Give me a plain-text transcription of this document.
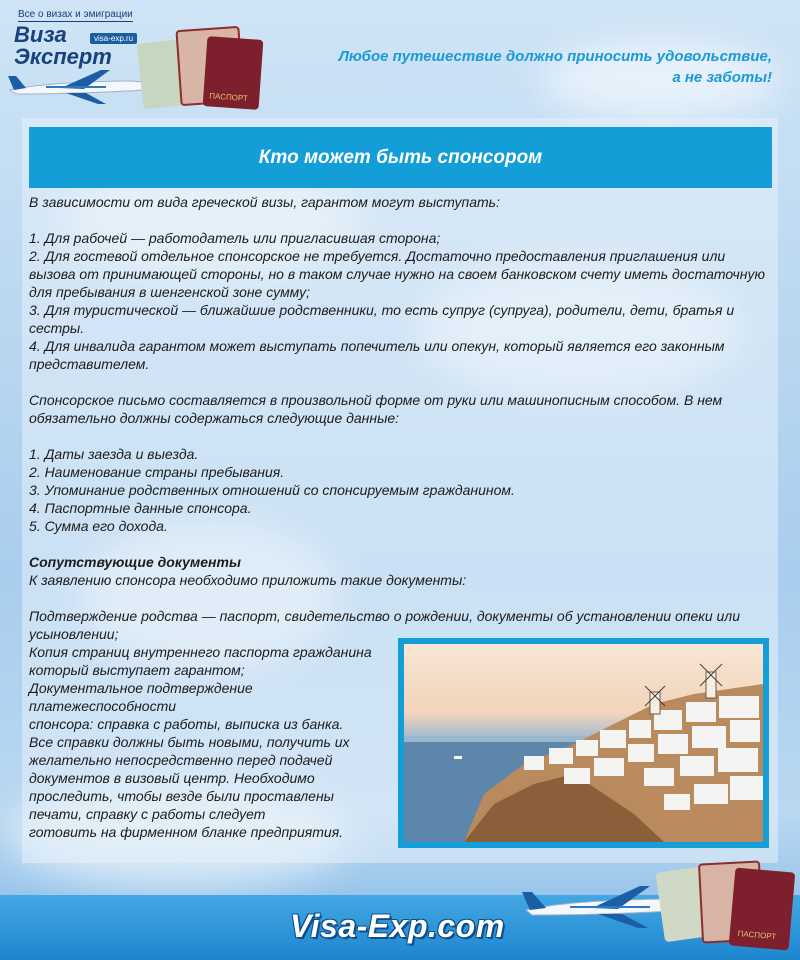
Все о визах и эмиграции
Виза
Эксперт
visa-exp.ru
ПАСПОРТ
Любое путешествие должно приносить удовольствие,
а не заботы!
Кто может быть спонсором

В зависимости от вида греческой визы, гарантом могут выступать:

1. Для рабочей — работодатель или пригласившая сторона;

2. Для гостевой отдельное спонсорское не требуется. Достаточно предоставления приглашения или вызова от принимающей стороны, но в таком случае нужно на своем банковском счету иметь достаточную для пребывания в шенгенской зоне сумму;

3. Для туристической — ближайшие родственники, то есть супруг (супруга), родители, дети, братья и сестры.

4. Для инвалида гарантом может выступать попечитель или опекун, который является его законным представителем.

Спонсорское письмо составляется в произвольной форме от руки или машинописным способом. В нем обязательно должны содержаться следующие данные:

1. Даты заезда и выезда.

2. Наименование страны пребывания.

3. Упоминание родственных отношений со спонсируемым гражданином.

4. Паспортные данные спонсора.

5. Сумма его дохода.

Сопутствующие документы

К заявлению спонсора необходимо приложить такие документы:

Подтверждение родства — паспорт, свидетельство о рождении, документы об установлении опеки или усыновлении;

Копия страниц внутреннего паспорта гражданина

который выступает гарантом;

Документальное подтверждение

платежеспособности

спонсора: справка с работы, выписка из банка.

Все справки должны быть новыми, получить их

желательно непосредственно перед подачей

документов в визовый центр. Необходимо

проследить, чтобы везде были проставлены

печати, справку с работы следует

готовить на фирменном бланке предприятия.

ПАСПОРТ
Visa-Exp.com
